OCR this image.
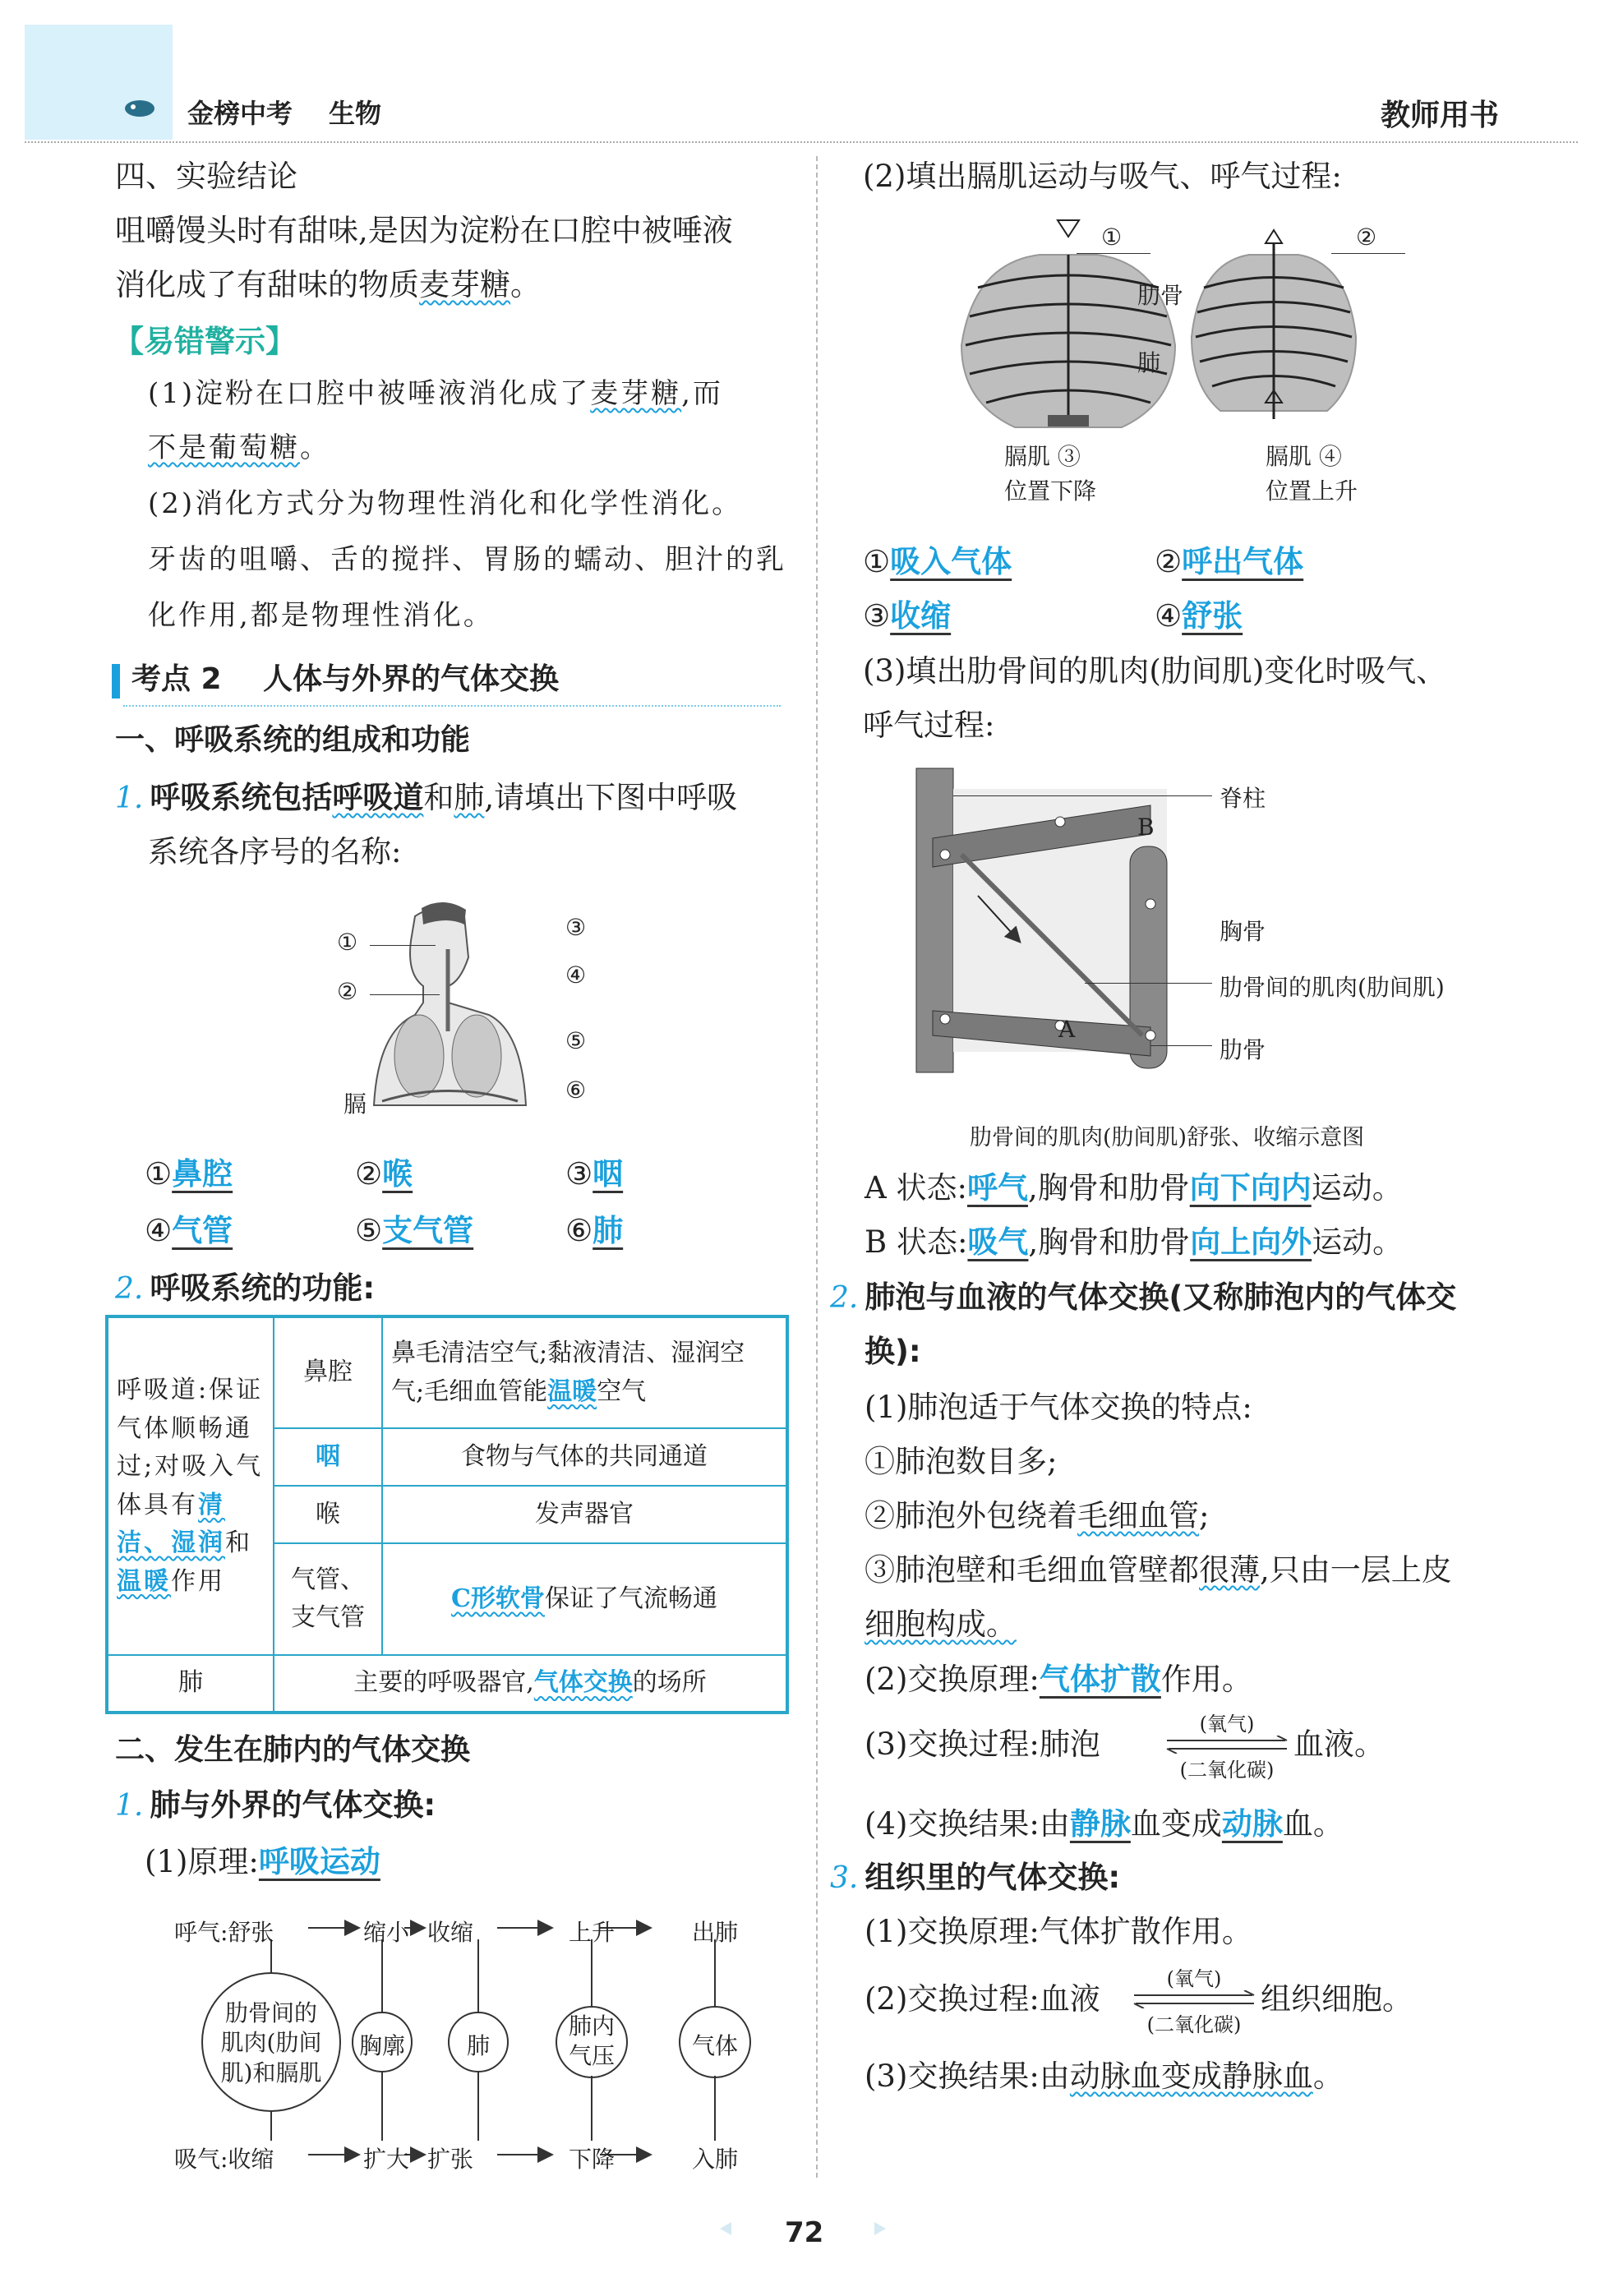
金榜中考 生物	教师用书
四、实验结论
咀嚼馒头时有甜味,是因为淀粉在口腔中被唾液
消化成了有甜味的物质麦芽糖。
【易错警示】
(1)淀粉在口腔中被唾液消化成了麦芽糖,而
不是葡萄糖。
(2)消化方式分为物理性消化和化学性消化。
牙齿的咀嚼、舌的搅拌、胃肠的蠕动、胆汁的乳
化作用,都是物理性消化。
考点 2 人体与外界的气体交换
一、呼吸系统的组成和功能
1. 呼吸系统包括呼吸道和肺,请填出下图中呼吸
系统各序号的名称:
①
②
③
④
⑤
⑥
膈
①鼻腔	②喉	③咽
④气管	⑤支气管	⑥肺
2. 呼吸系统的功能:
呼吸道:保证气体顺畅通过;对吸入气体具有清洁、湿润和温暖作用	鼻腔	鼻毛清洁空气;黏液清洁、湿润空气;毛细血管能温暖空气
	咽	食物与气体的共同通道
	喉	发声器官
	气管、支气管	C形软骨保证了气流畅通
肺	主要的呼吸器官,气体交换的场所	
二、发生在肺内的气体交换
1. 肺与外界的气体交换:
(1)原理:呼吸运动
呼气:舒张	缩小 收缩	上升	出肺
肋骨间的肌肉(肋间肌)和膈肌
胸廓	肺
肺内气压	气体
吸气:收缩	扩大 扩张	下降	入肺
(2)填出膈肌运动与吸气、呼气过程:
①	②
肋骨
肺
膈肌 ③
位置下降
膈肌 ④
位置上升
①吸入气体	②呼出气体
③收缩	④舒张
(3)填出肋骨间的肌肉(肋间肌)变化时吸气、
呼气过程:
脊柱
B
胸骨
肋骨间的肌肉(肋间肌)
A
肋骨
肋骨间的肌肉(肋间肌)舒张、收缩示意图
A 状态:呼气,胸骨和肋骨向下向内运动。
B 状态:吸气,胸骨和肋骨向上向外运动。
2. 肺泡与血液的气体交换(又称肺泡内的气体交
换):
(1)肺泡适于气体交换的特点:
①肺泡数目多;
②肺泡外包绕着毛细血管;
③肺泡壁和毛细血管壁都很薄,只由一层上皮
细胞构成。
(2)交换原理:气体扩散作用。
(3)交换过程:肺泡
(氧气)
(二氧化碳)
血液。
(4)交换结果:由静脉血变成动脉血。
3. 组织里的气体交换:
(1)交换原理:气体扩散作用。
(2)交换过程:血液
(氧气)
(二氧化碳)
组织细胞。
(3)交换结果:由动脉血变成静脉血。
72
